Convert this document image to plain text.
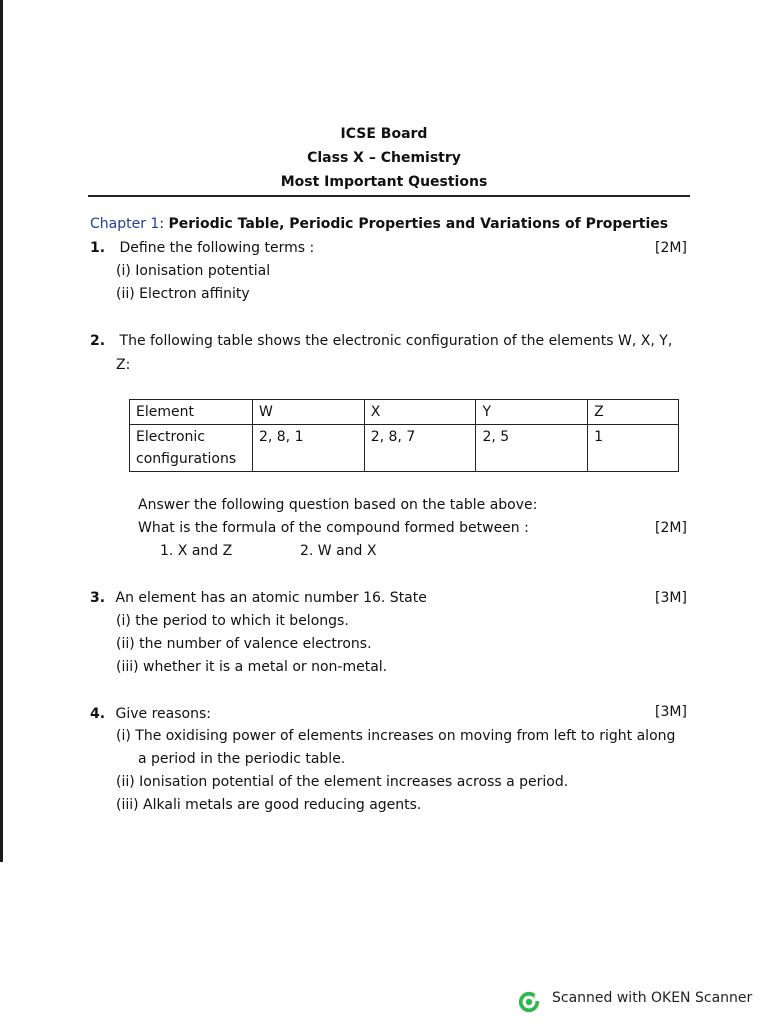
ICSE Board
Class X – Chemistry
Most Important Questions
Chapter 1: Periodic Table, Periodic Properties and Variations of Properties
1. Define the following terms :	[2M]
(i) Ionisation potential
(ii) Electron affinity
2. The following table shows the electronic configuration of the elements W, X, Y,
Z:
Element	W	X	Y	Z

Electronic
configurations	2, 8, 1	2, 8, 7	2, 5	1
Answer the following question based on the table above:
What is the formula of the compound formed between :	[2M]
1. X and Z	2. W and X
3. An element has an atomic number 16. State	[3M]
(i) the period to which it belongs.
(ii) the number of valence electrons.
(iii) whether it is a metal or non-metal.
4. Give reasons:	[3M]
(i) The oxidising power of elements increases on moving from left to right along
a period in the periodic table.
(ii) Ionisation potential of the element increases across a period.
(iii) Alkali metals are good reducing agents.
Scanned with OKEN Scanner
